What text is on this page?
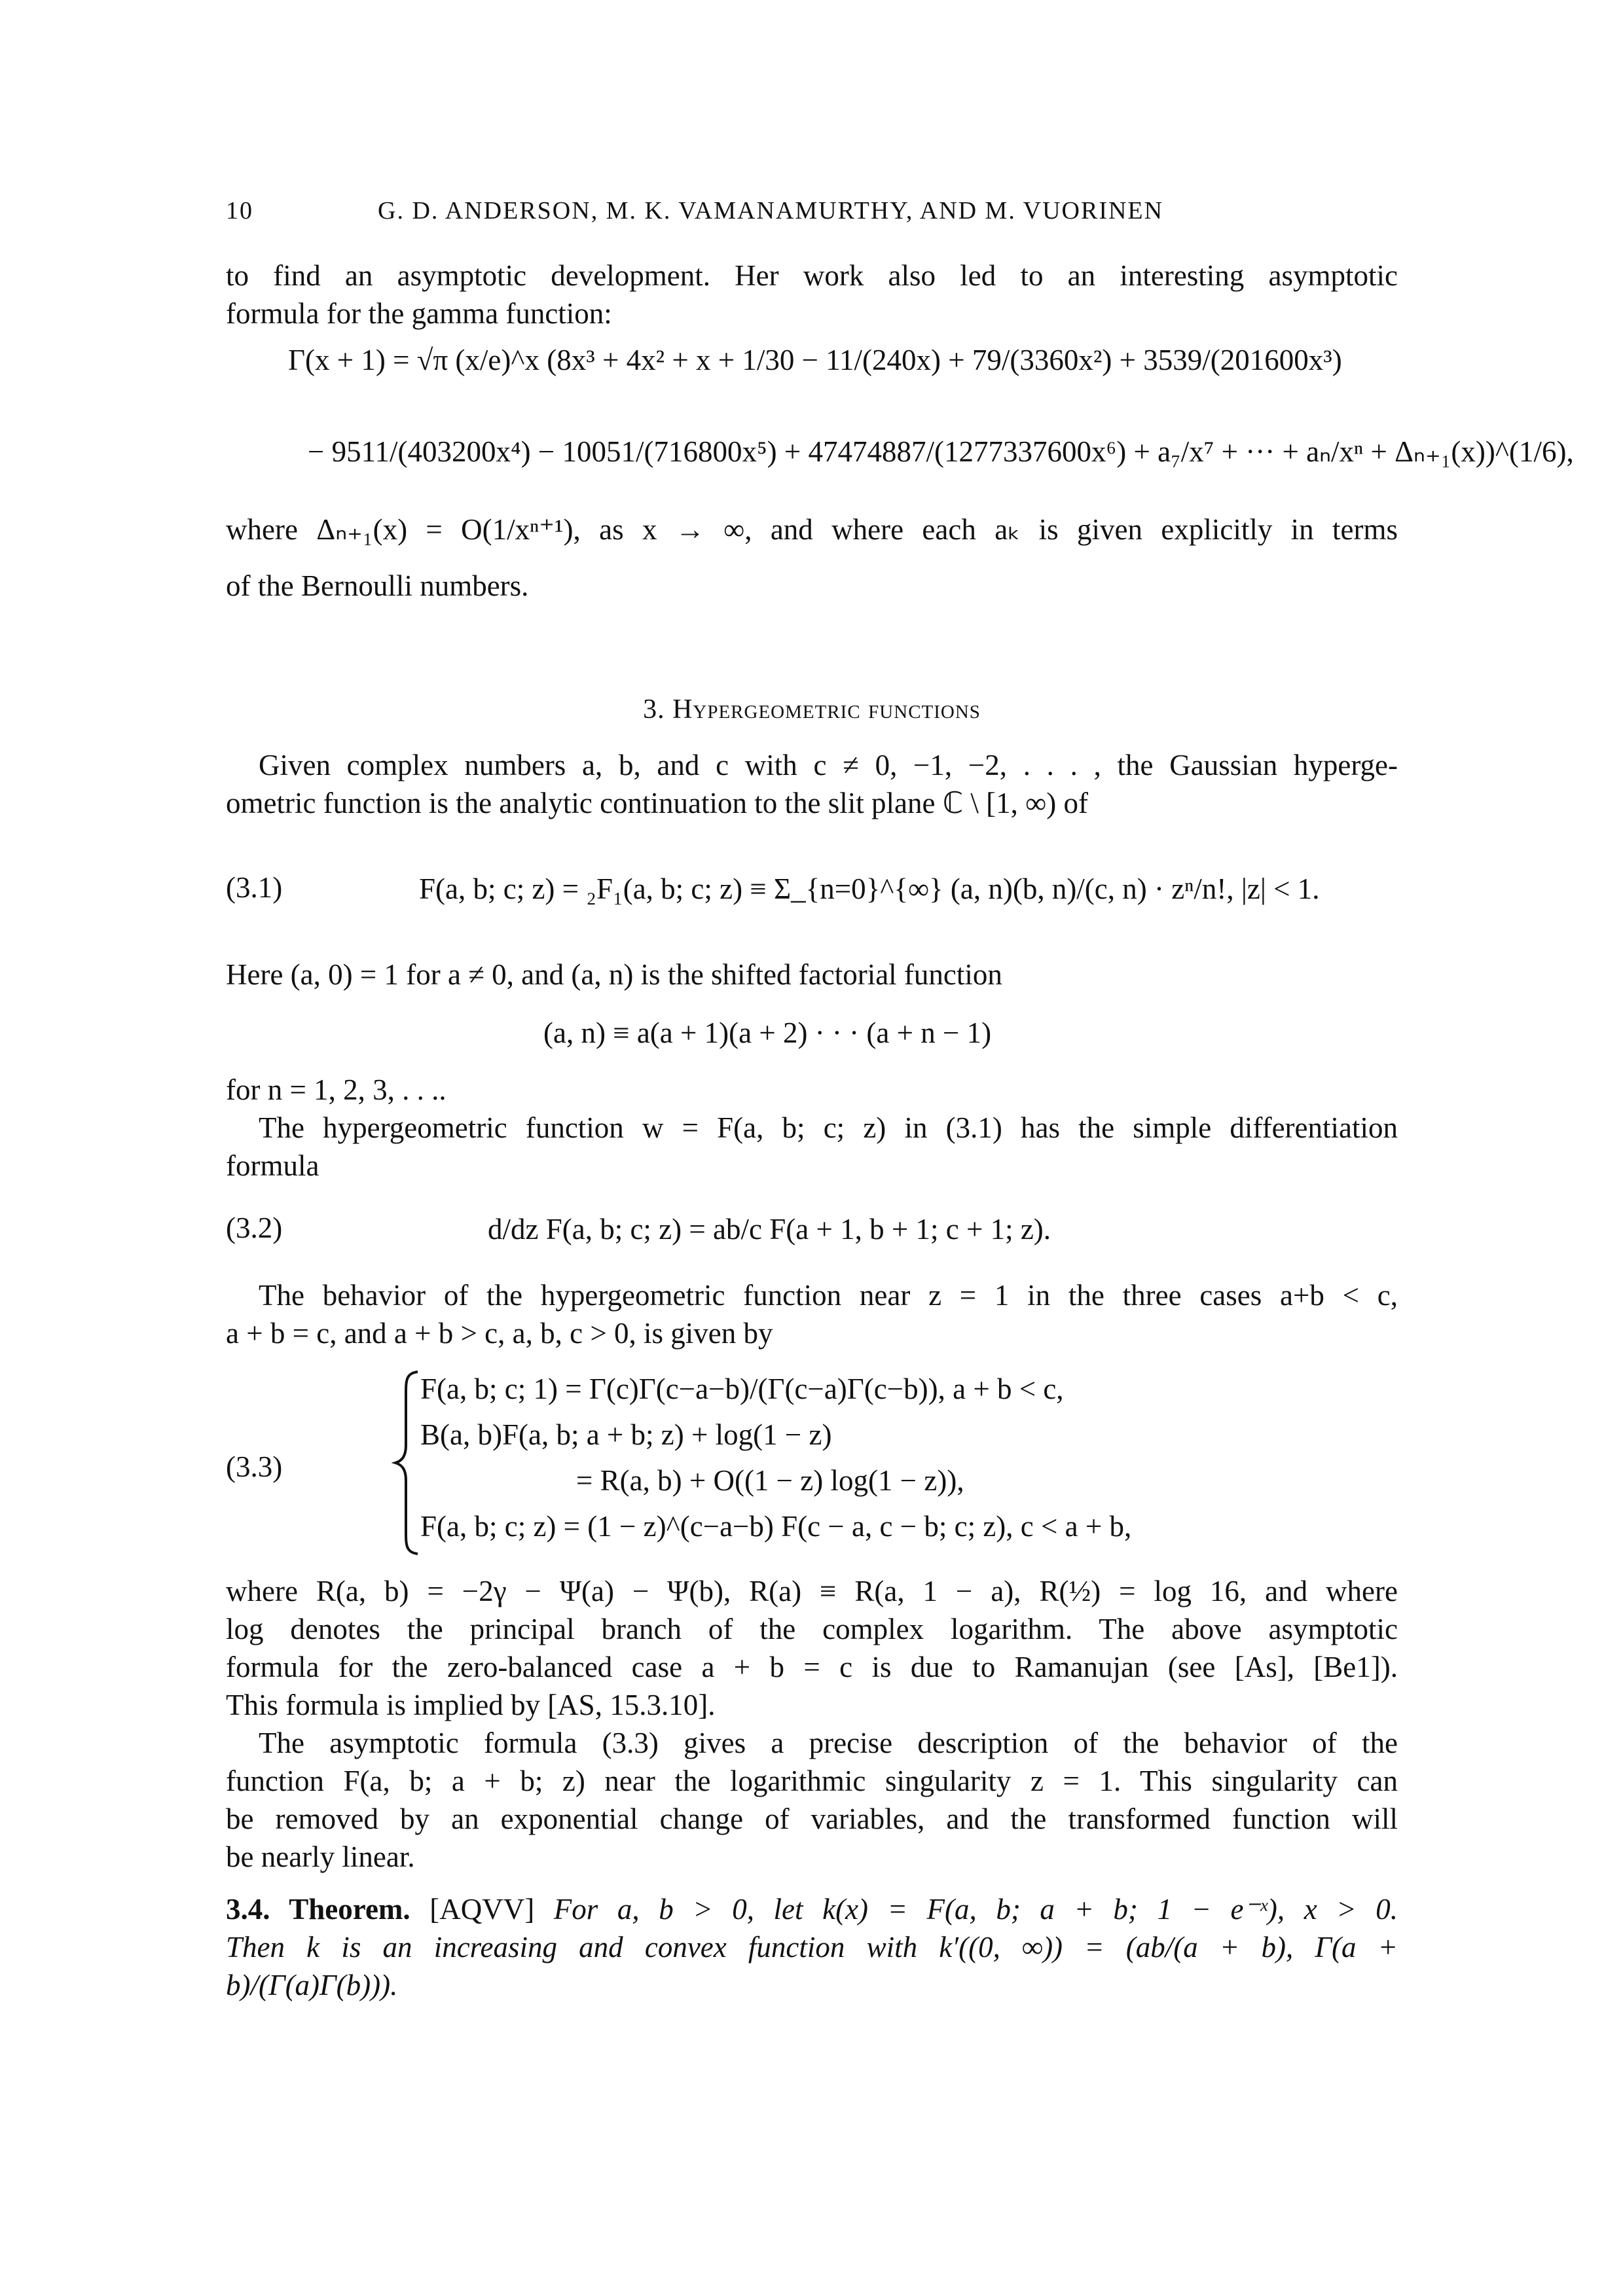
10	G. D. ANDERSON, M. K. VAMANAMURTHY, AND M. VUORINEN
to find an asymptotic development. Her work also led to an interesting asymptotic
formula for the gamma function:
Γ(x + 1) = √π (x/e)^x (8x³ + 4x² + x + 1/30 − 11/(240x) + 79/(3360x²) + 3539/(201600x³)
− 9511/(403200x⁴) − 10051/(716800x⁵) + 47474887/(1277337600x⁶) + a₇/x⁷ + ··· + aₙ/xⁿ + Δₙ₊₁(x))^(1/6),
where Δₙ₊₁(x) = O(1/xⁿ⁺¹), as x → ∞, and where each aₖ is given explicitly in terms
of the Bernoulli numbers.
3. Hypergeometric functions
Given complex numbers a, b, and c with c ≠ 0, −1, −2, . . . , the Gaussian hyperge-
ometric function is the analytic continuation to the slit plane ℂ \ [1, ∞) of
(3.1)	F(a, b; c; z) = ₂F₁(a, b; c; z) ≡ Σ_{n=0}^{∞} (a, n)(b, n)/(c, n) · zⁿ/n!, |z| < 1.
Here (a, 0) = 1 for a ≠ 0, and (a, n) is the shifted factorial function
(a, n) ≡ a(a + 1)(a + 2) · · · (a + n − 1)
for n = 1, 2, 3, . . ..
The hypergeometric function w = F(a, b; c; z) in (3.1) has the simple differentiation
formula
(3.2)	d/dz F(a, b; c; z) = ab/c F(a + 1, b + 1; c + 1; z).
The behavior of the hypergeometric function near z = 1 in the three cases a+b < c,
a + b = c, and a + b > c, a, b, c > 0, is given by
(3.3)
F(a, b; c; 1) = Γ(c)Γ(c−a−b)/(Γ(c−a)Γ(c−b)), a + b < c,
B(a, b)F(a, b; a + b; z) + log(1 − z)
= R(a, b) + O((1 − z) log(1 − z)),
F(a, b; c; z) = (1 − z)^(c−a−b) F(c − a, c − b; c; z), c < a + b,
where R(a, b) = −2γ − Ψ(a) − Ψ(b), R(a) ≡ R(a, 1 − a), R(½) = log 16, and where
log denotes the principal branch of the complex logarithm. The above asymptotic
formula for the zero-balanced case a + b = c is due to Ramanujan (see [As], [Be1]).
This formula is implied by [AS, 15.3.10].
The asymptotic formula (3.3) gives a precise description of the behavior of the
function F(a, b; a + b; z) near the logarithmic singularity z = 1. This singularity can
be removed by an exponential change of variables, and the transformed function will
be nearly linear.
3.4. Theorem. [AQVV] For a, b > 0, let k(x) = F(a, b; a + b; 1 − e⁻ˣ), x > 0.
Then k is an increasing and convex function with k′((0, ∞)) = (ab/(a + b), Γ(a +
b)/(Γ(a)Γ(b))).
